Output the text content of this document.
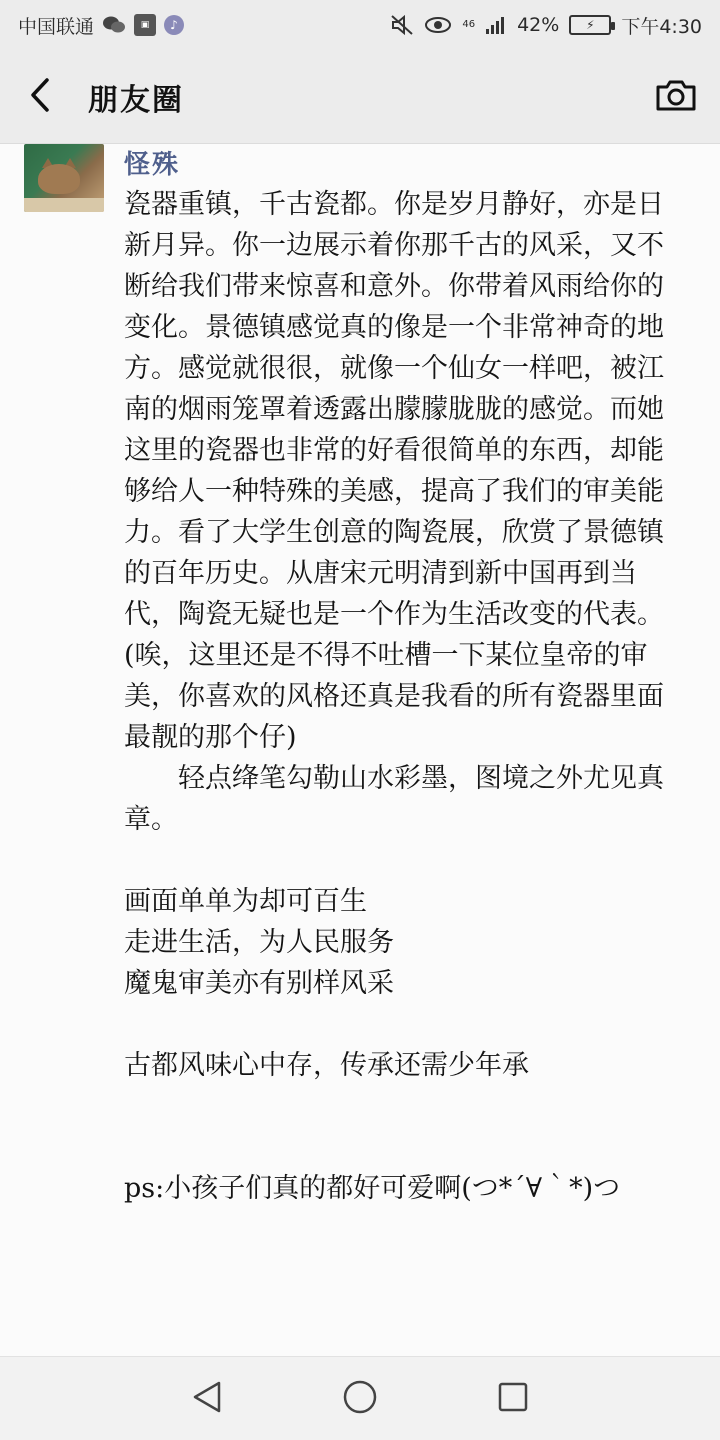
中国联通	▣	♪	46 42%	⚡	下午4:30
朋友圈
怪殊
瓷器重镇，千古瓷都。你是岁月静好，亦是日新月异。你一边展示着你那千古的风采，又不断给我们带来惊喜和意外。你带着风雨给你的变化。景德镇感觉真的像是一个非常神奇的地方。感觉就很很，就像一个仙女一样吧，被江南的烟雨笼罩着透露出朦朦胧胧的感觉。而她这里的瓷器也非常的好看很简单的东西，却能够给人一种特殊的美感，提高了我们的审美能力。看了大学生创意的陶瓷展，欣赏了景德镇的百年历史。从唐宋元明清到新中国再到当代，陶瓷无疑也是一个作为生活改变的代表。(唉，这里还是不得不吐槽一下某位皇帝的审美，你喜欢的风格还真是我看的所有瓷器里面最靓的那个仔)
轻点绛笔勾勒山水彩墨，图境之外尤见真章。
画面单单为却可百生
走进生活，为人民服务
魔鬼审美亦有别样风采
古都风味心中存，传承还需少年承
ps:小孩子们真的都好可爱啊(つ*´∀｀*)つ
